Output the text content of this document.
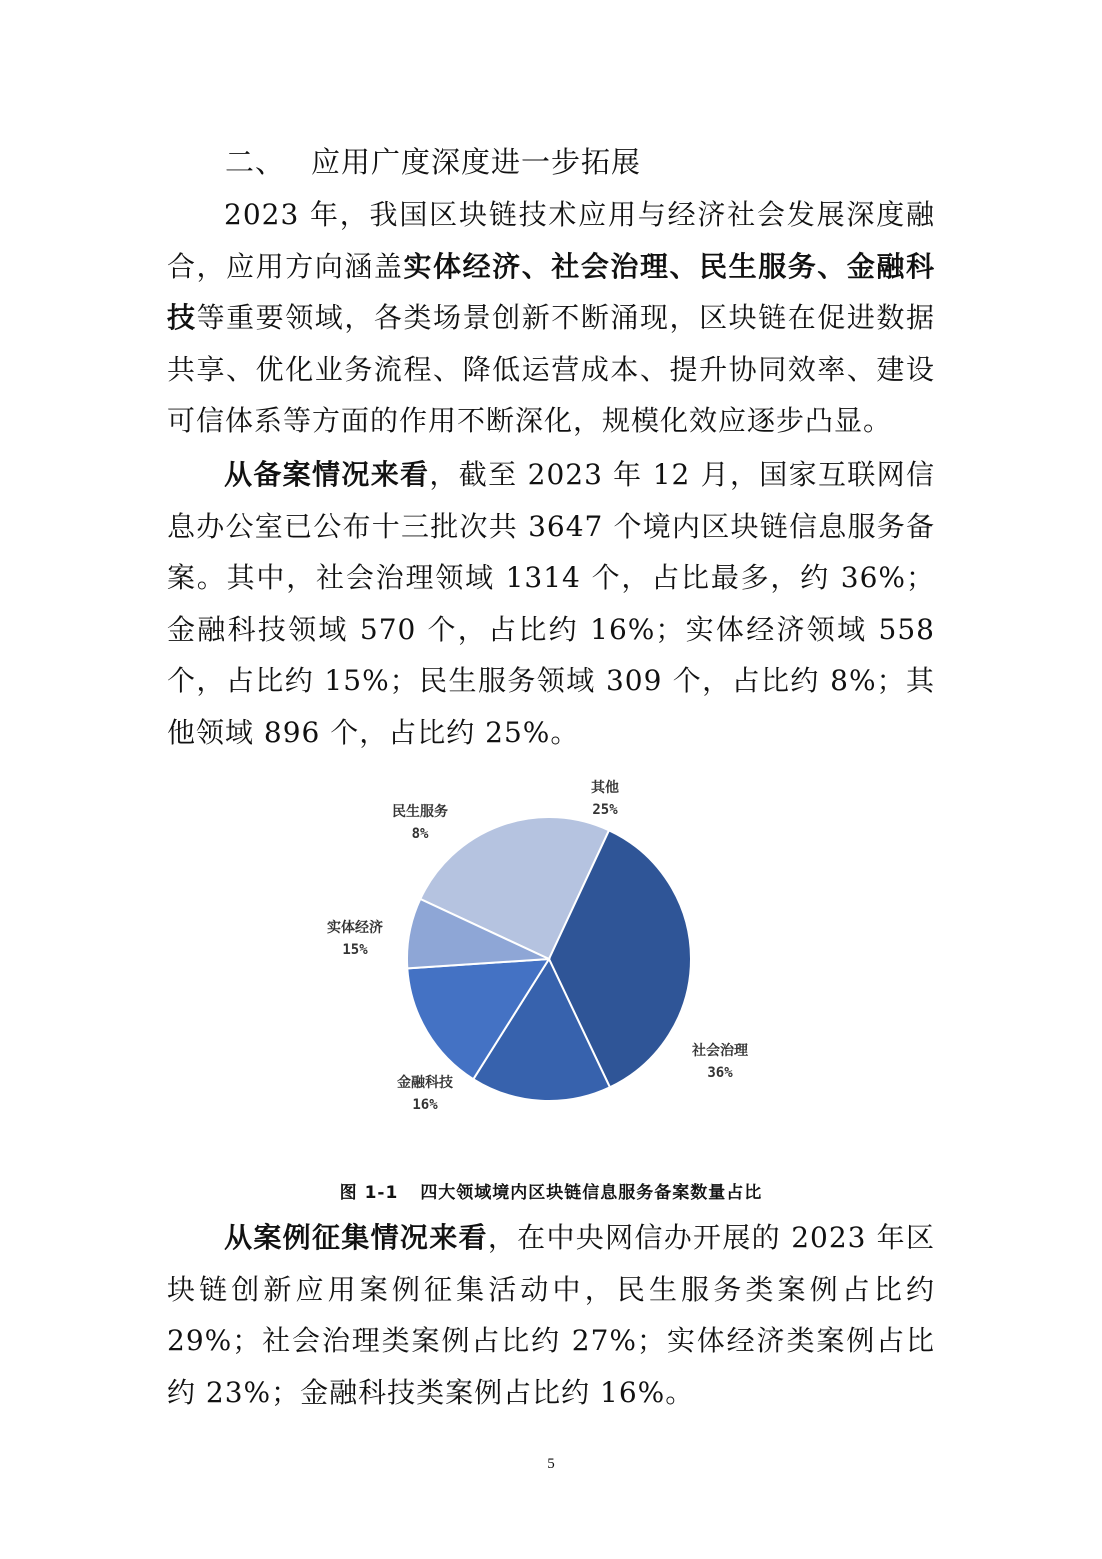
二、 应用广度深度进一步拓展

2023 年，我国区块链技术应用与经济社会发展深度融合，应用方向涵盖实体经济、社会治理、民生服务、金融科技等重要领域，各类场景创新不断涌现，区块链在促进数据共享、优化业务流程、降低运营成本、提升协同效率、建设可信体系等方面的作用不断深化，规模化效应逐步凸显。

从备案情况来看，截至 2023 年 12 月，国家互联网信息办公室已公布十三批次共 3647 个境内区块链信息服务备案。其中，社会治理领域 1314 个，占比最多，约 36%；金融科技领域 570 个，占比约 16%；实体经济领域 558 个，占比约 15%；民生服务领域 309 个，占比约 8%；其他领域 896 个，占比约 25%。

其他
25%
社会治理
36%
金融科技
16%
实体经济
15%
民生服务
8%
图 1-1 四大领域境内区块链信息服务备案数量占比

从案例征集情况来看，在中央网信办开展的 2023 年区块链创新应用案例征集活动中，民生服务类案例占比约 29%；社会治理类案例占比约 27%；实体经济类案例占比约 23%；金融科技类案例占比约 16%。

5
